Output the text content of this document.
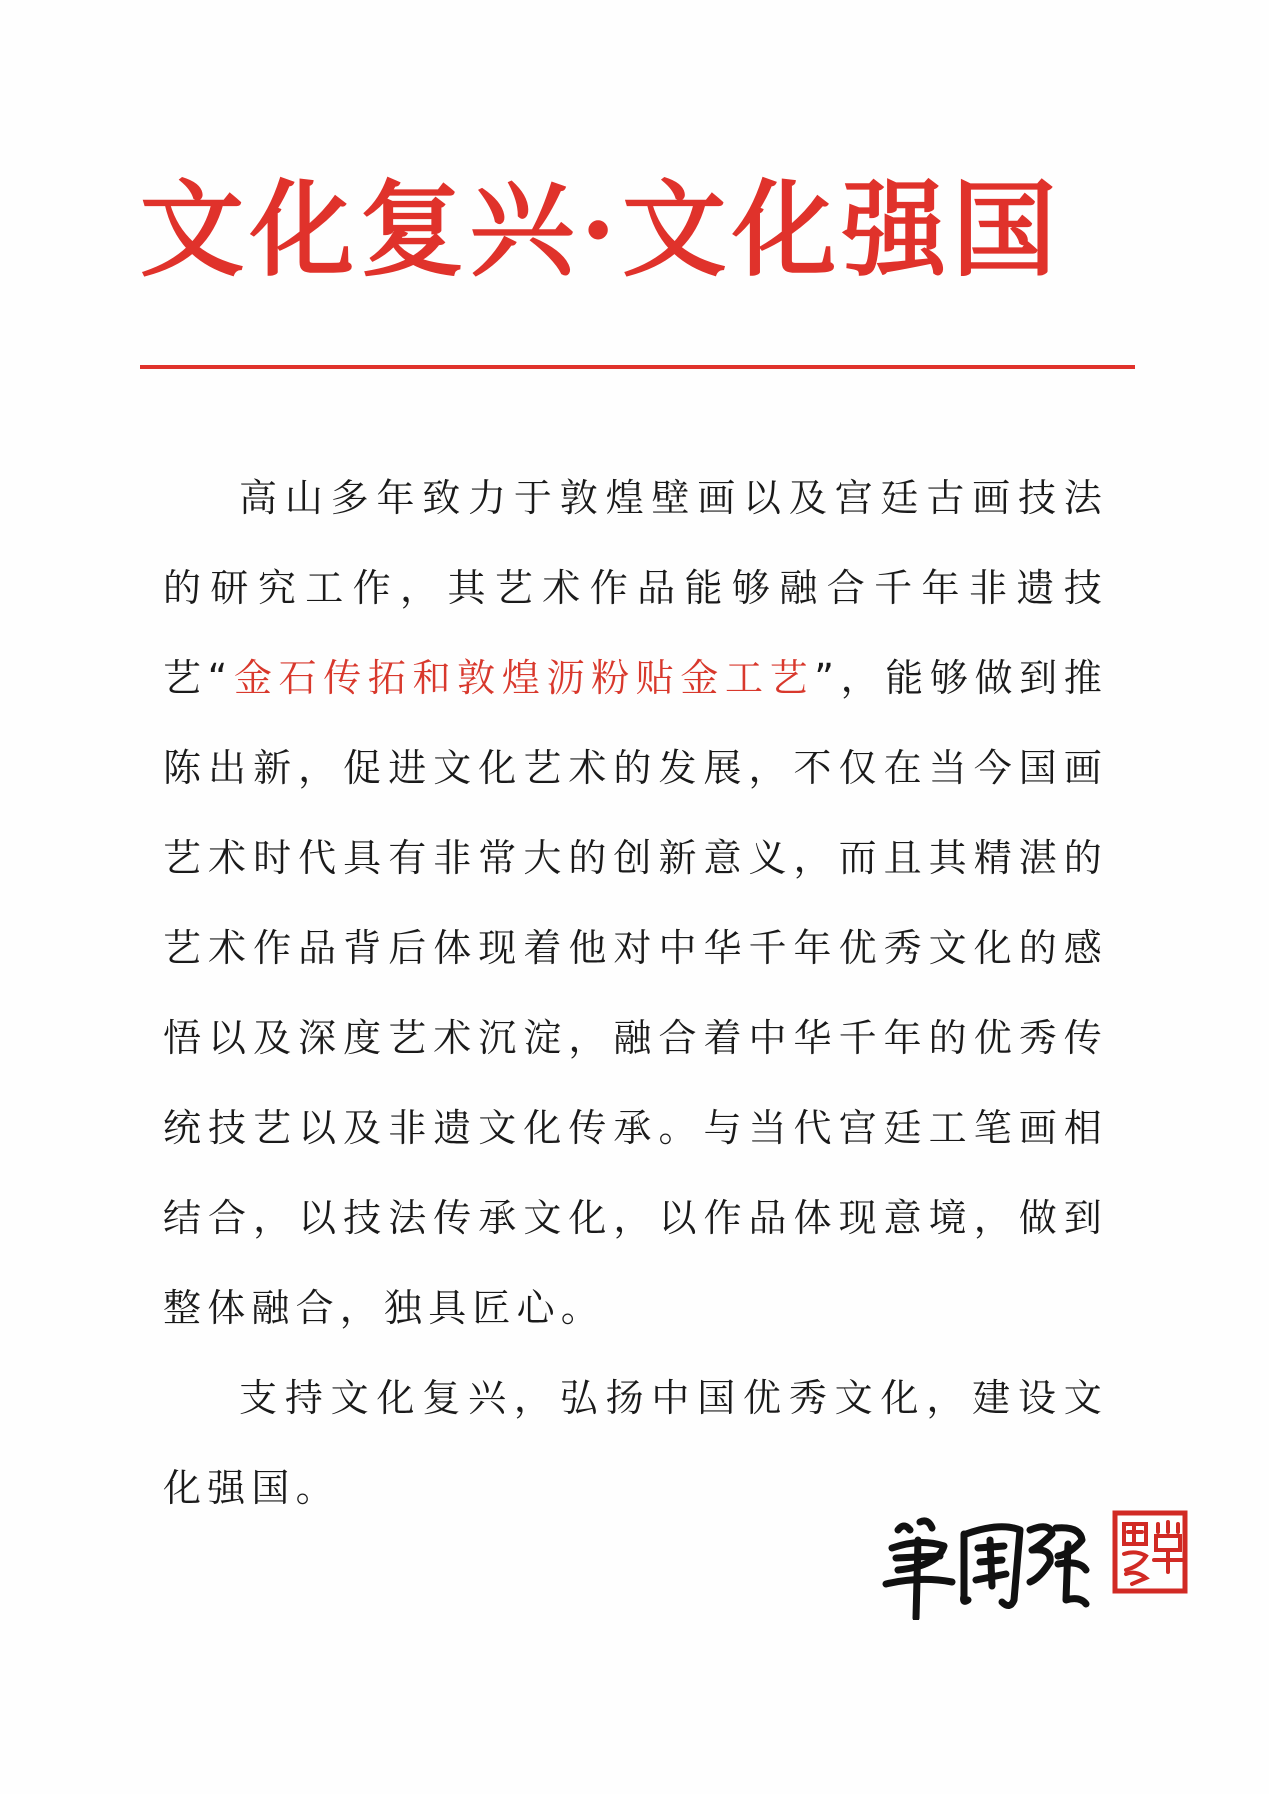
文化复兴·文化强国

高山多年致力于敦煌壁画以及宫廷古画技法的研究工作，其艺术作品能够融合千年非遗技艺“金石传拓和敦煌沥粉贴金工艺”，能够做到推陈出新，促进文化艺术的发展，不仅在当今国画艺术时代具有非常大的创新意义，而且其精湛的艺术作品背后体现着他对中华千年优秀文化的感悟以及深度艺术沉淀，融合着中华千年的优秀传统技艺以及非遗文化传承。与当代宫廷工笔画相结合，以技法传承文化，以作品体现意境，做到整体融合，独具匠心。

支持文化复兴，弘扬中国优秀文化，建设文化强国。
